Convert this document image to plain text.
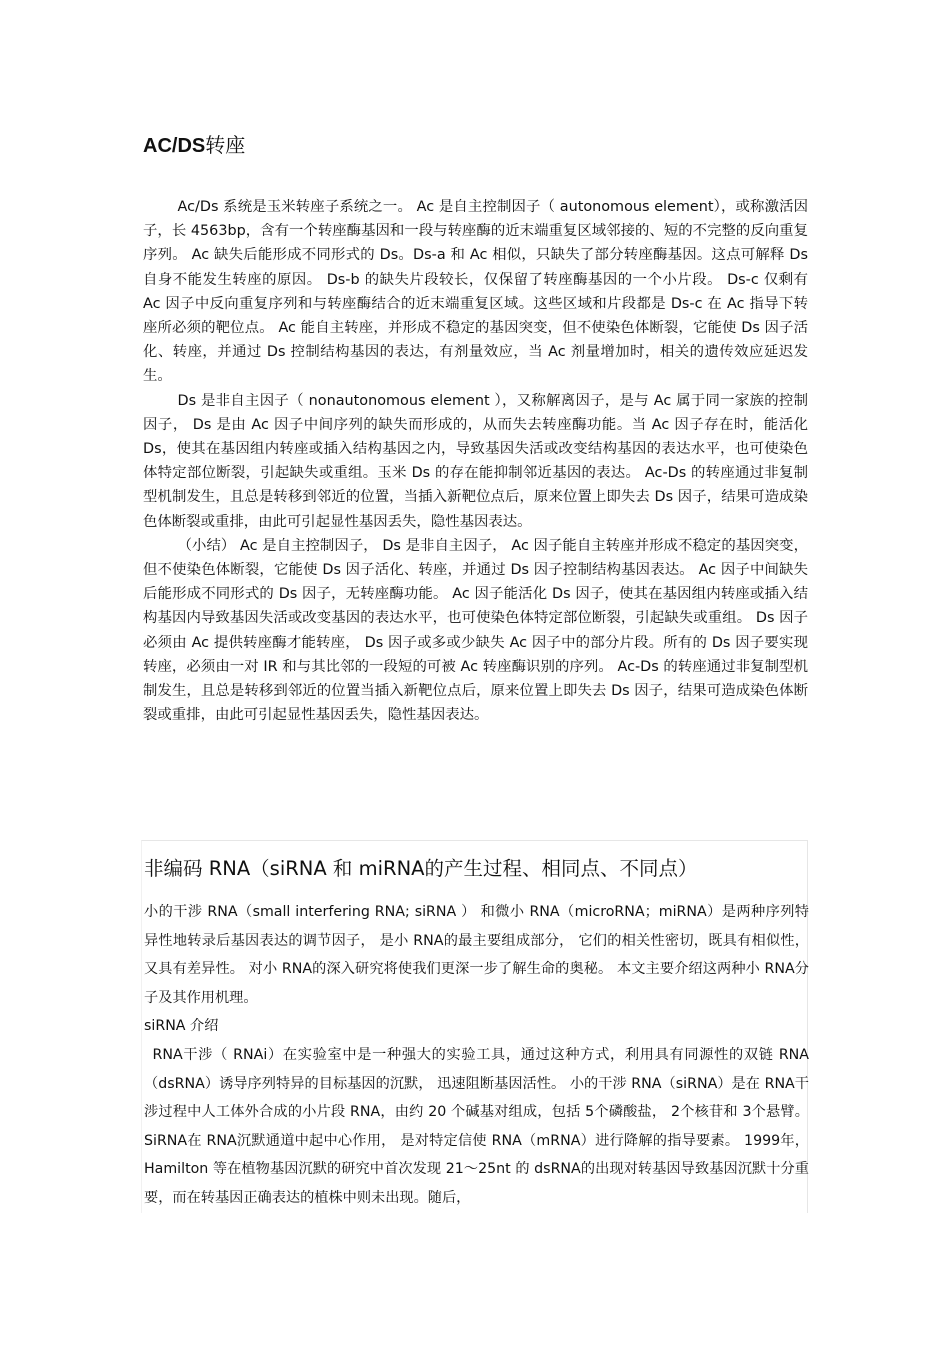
AC/DS转座

Ac/Ds 系统是玉米转座子系统之一。 Ac 是自主控制因子（ autonomous element），或称激活因子，长 4563bp，含有一个转座酶基因和一段与转座酶的近末端重复区域邻接的、短的不完整的反向重复序列。 Ac 缺失后能形成不同形式的 Ds。Ds-a 和 Ac 相似，只缺失了部分转座酶基因。这点可解释 Ds 自身不能发生转座的原因。 Ds-b 的缺失片段较长，仅保留了转座酶基因的一个小片段。 Ds-c 仅剩有 Ac 因子中反向重复序列和与转座酶结合的近末端重复区域。这些区域和片段都是 Ds-c 在 Ac 指导下转座所必须的靶位点。 Ac 能自主转座，并形成不稳定的基因突变，但不使染色体断裂，它能使 Ds 因子活化、转座，并通过 Ds 控制结构基因的表达，有剂量效应，当 Ac 剂量增加时，相关的遗传效应延迟发生。

Ds 是非自主因子（ nonautonomous element ），又称解离因子，是与 Ac 属于同一家族的控制因子， Ds 是由 Ac 因子中间序列的缺失而形成的，从而失去转座酶功能。当 Ac 因子存在时，能活化 Ds，使其在基因组内转座或插入结构基因之内，导致基因失活或改变结构基因的表达水平，也可使染色体特定部位断裂，引起缺失或重组。玉米 Ds 的存在能抑制邻近基因的表达。 Ac-Ds 的转座通过非复制型机制发生，且总是转移到邻近的位置，当插入新靶位点后，原来位置上即失去 Ds 因子，结果可造成染色体断裂或重排，由此可引起显性基因丢失，隐性基因表达。

（小结） Ac 是自主控制因子， Ds 是非自主因子， Ac 因子能自主转座并形成不稳定的基因突变，但不使染色体断裂，它能使 Ds 因子活化、转座，并通过 Ds 因子控制结构基因表达。 Ac 因子中间缺失后能形成不同形式的 Ds 因子，无转座酶功能。 Ac 因子能活化 Ds 因子，使其在基因组内转座或插入结构基因内导致基因失活或改变基因的表达水平，也可使染色体特定部位断裂，引起缺失或重组。 Ds 因子必须由 Ac 提供转座酶才能转座， Ds 因子或多或少缺失 Ac 因子中的部分片段。所有的 Ds 因子要实现转座，必须由一对 IR 和与其比邻的一段短的可被 Ac 转座酶识别的序列。 Ac-Ds 的转座通过非复制型机制发生，且总是转移到邻近的位置当插入新靶位点后，原来位置上即失去 Ds 因子，结果可造成染色体断裂或重排，由此可引起显性基因丢失，隐性基因表达。

非编码 RNA（siRNA 和 miRNA的产生过程、相同点、不同点）

小的干涉 RNA（small interfering RNA; siRNA ） 和微小 RNA（microRNA；miRNA）是两种序列特异性地转录后基因表达的调节因子， 是小 RNA的最主要组成部分， 它们的相关性密切，既具有相似性， 又具有差异性。 对小 RNA的深入研究将使我们更深一步了解生命的奥秘。 本文主要介绍这两种小 RNA分子及其作用机理。

siRNA 介绍

RNA干涉（ RNAi）在实验室中是一种强大的实验工具，通过这种方式，利用具有同源性的双链 RNA（dsRNA）诱导序列特异的目标基因的沉默， 迅速阻断基因活性。 小的干涉 RNA（siRNA）是在 RNA干涉过程中人工体外合成的小片段 RNA，由约 20 个碱基对组成，包括 5个磷酸盐， 2个核苷和 3个悬臂。 SiRNA在 RNA沉默通道中起中心作用， 是对特定信使 RNA（mRNA）进行降解的指导要素。 1999年， Hamilton 等在植物基因沉默的研究中首次发现 21～25nt 的 dsRNA的出现对转基因导致基因沉默十分重要，而在转基因正确表达的植株中则未出现。随后，
